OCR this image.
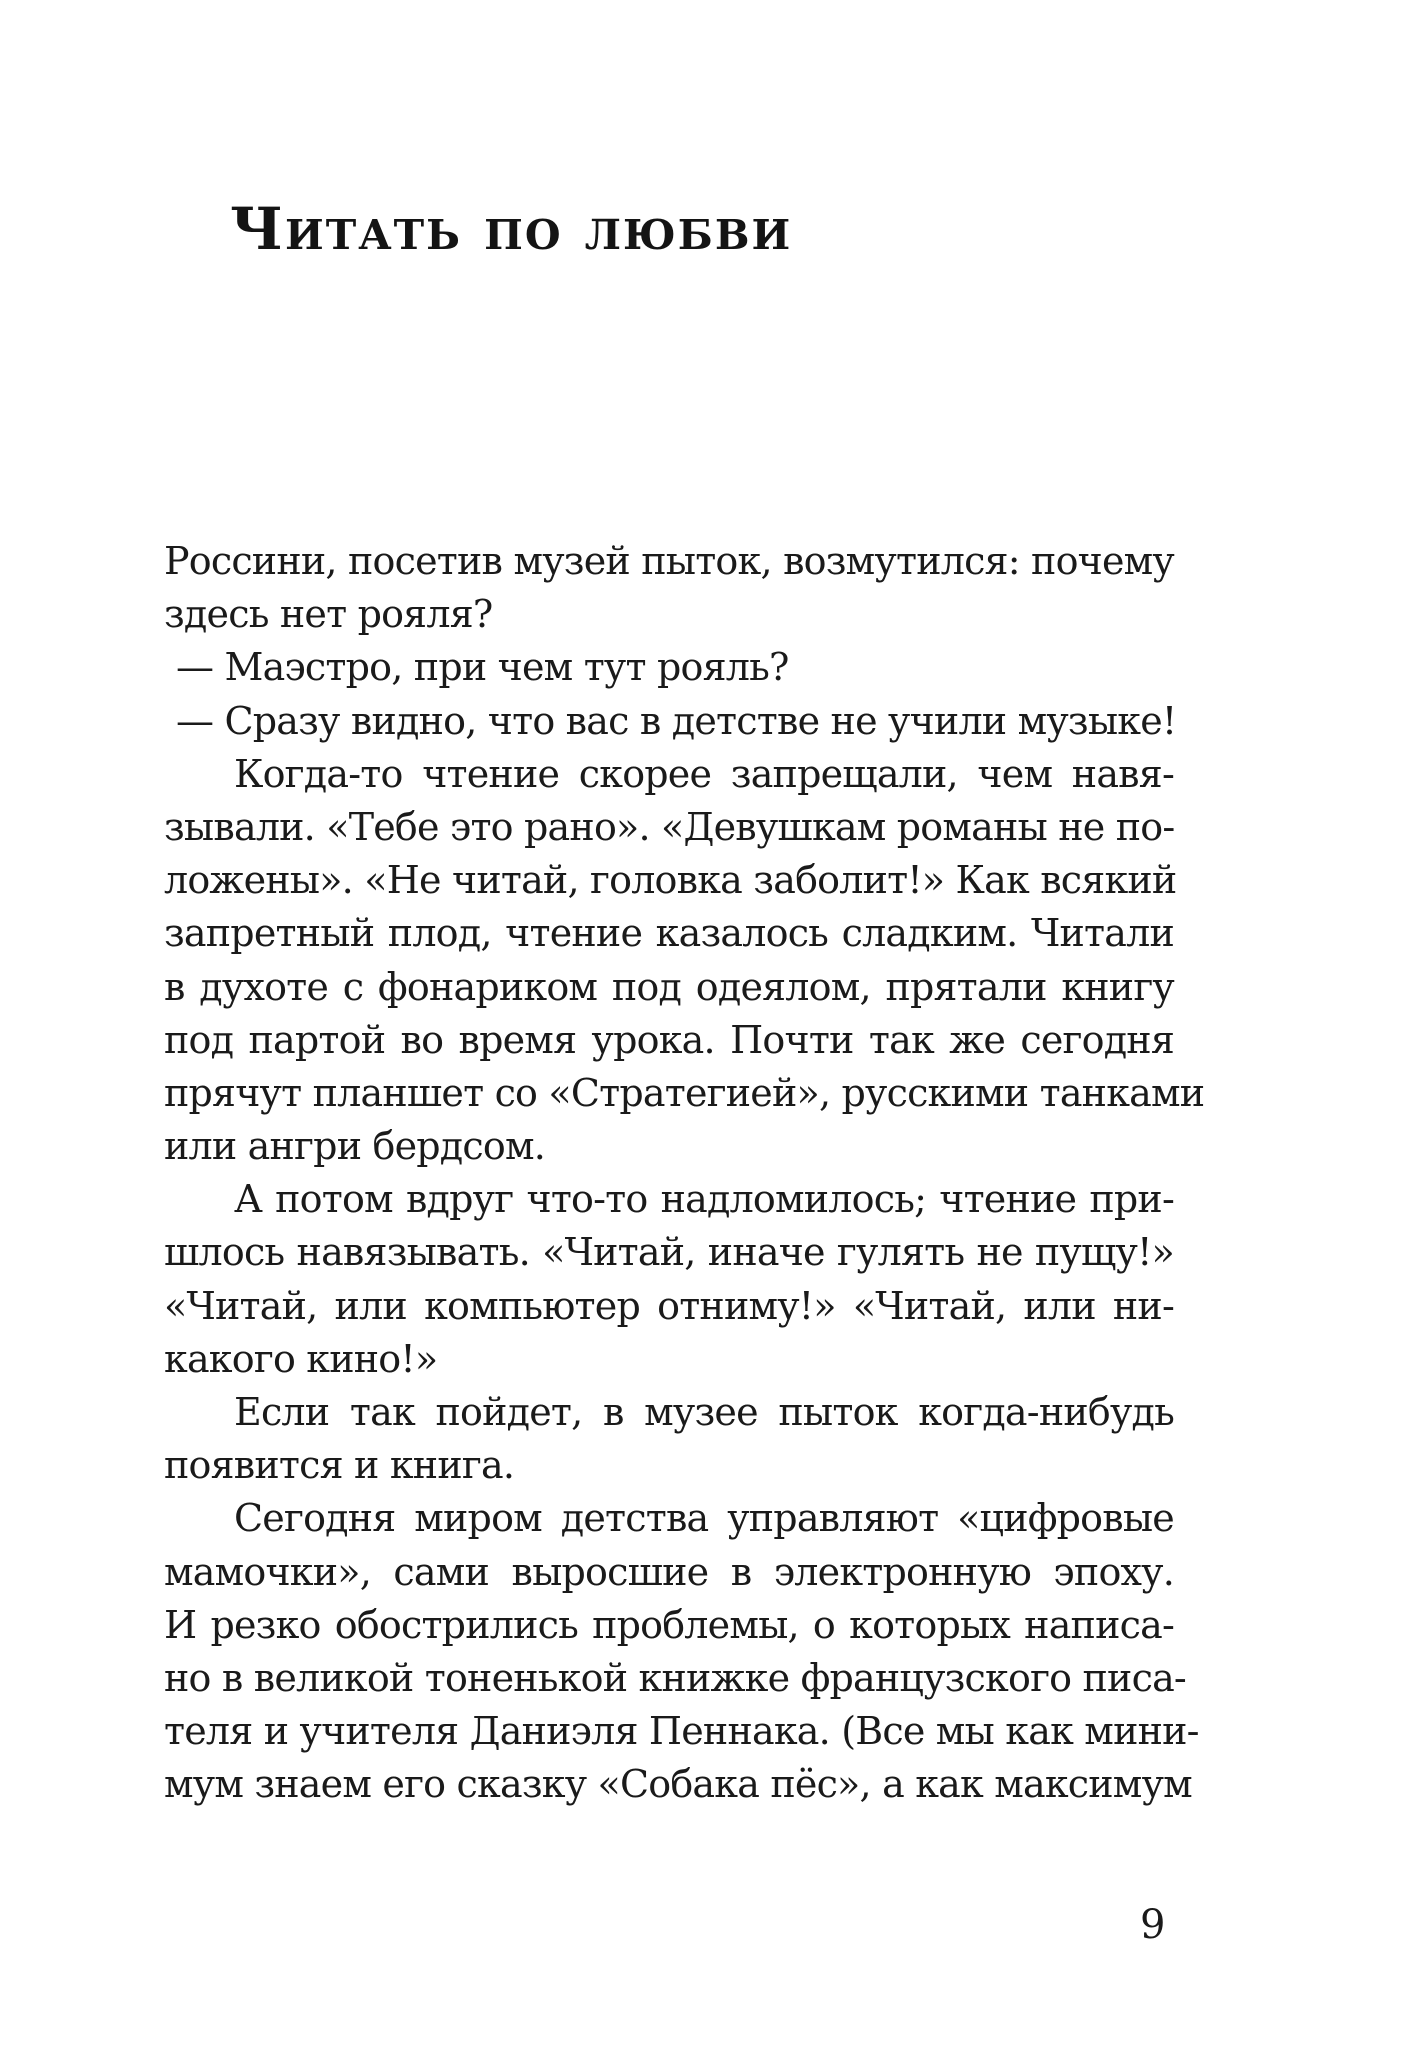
Читать по любви
Россини, посетив музей пыток, возмутился: почему
здесь нет рояля?
— Маэстро, при чем тут рояль?
— Сразу видно, что вас в детстве не учили музыке!
Когда-то чтение скорее запрещали, чем навя-
зывали. «Тебе это рано». «Девушкам романы не по-
ложены». «Не читай, головка заболит!» Как всякий
запретный плод, чтение казалось сладким. Читали
в духоте с фонариком под одеялом, прятали книгу
под партой во время урока. Почти так же сегодня
прячут планшет со «Стратегией», русскими танками
или ангри бердсом.
А потом вдруг что-то надломилось; чтение при-
шлось навязывать. «Читай, иначе гулять не пущу!»
«Читай, или компьютер отниму!» «Читай, или ни-
какого кино!»
Если так пойдет, в музее пыток когда-нибудь
появится и книга.
Сегодня миром детства управляют «цифровые
мамочки», сами выросшие в электронную эпоху.
И резко обострились проблемы, о которых написа-
но в великой тоненькой книжке французского писа-
теля и учителя Даниэля Пеннака. (Все мы как мини-
мум знаем его сказку «Собака пёс», а как максимум
9
